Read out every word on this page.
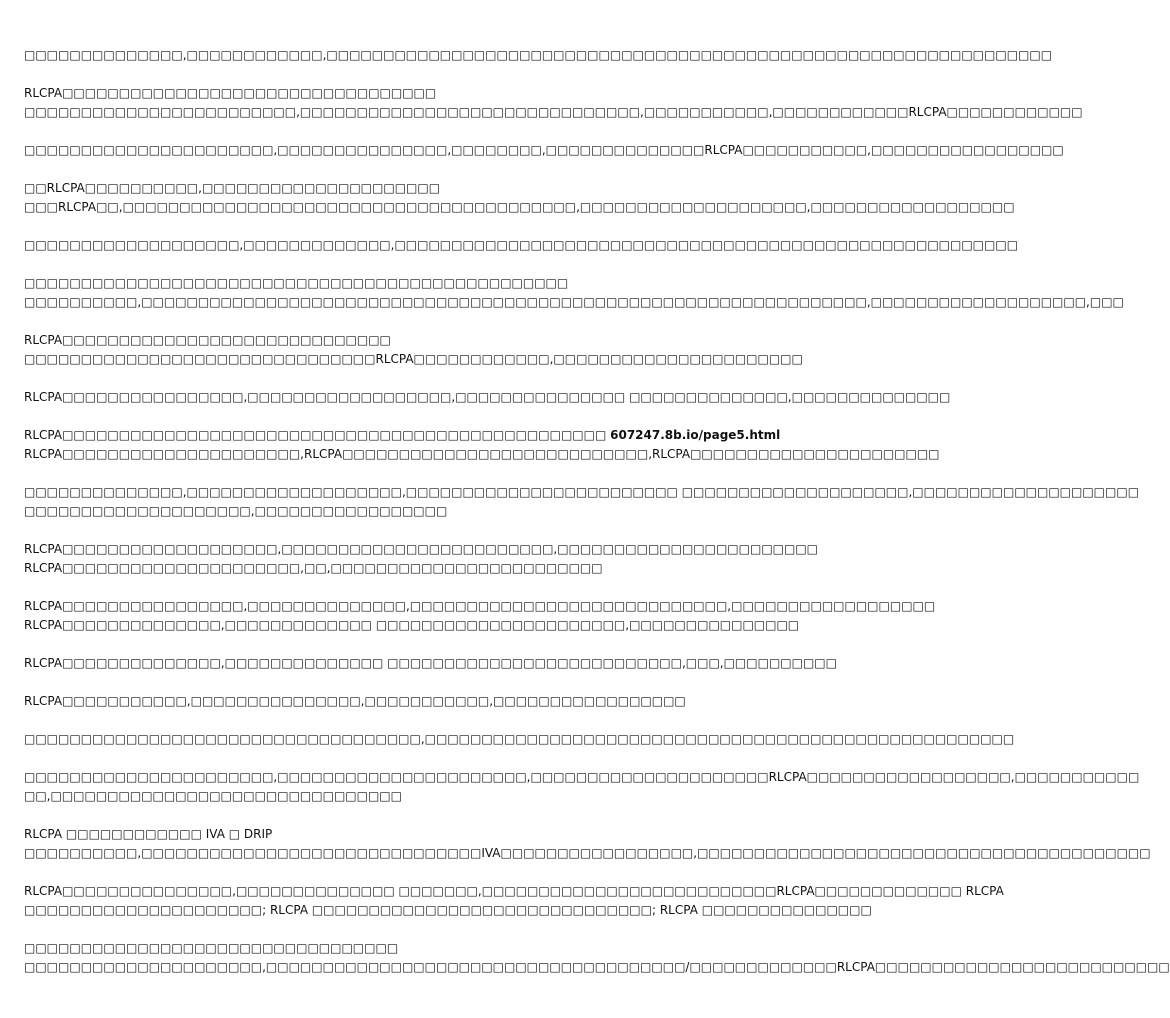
□□□□□□□□□□□□□□,□□□□□□□□□□□□,□□□□□□□□□□□□□□□□□□□□□□□□□□□□□□□□□□□□□□□□□□□□□□□□□□□□□□□□□□□□□□□□
RLCPA□□□□□□□□□□□□□□□□□□□□□□□□□□□□□□□□□
□□□□□□□□□□□□□□□□□□□□□□□□,□□□□□□□□□□□□□□□□□□□□□□□□□□□□□□,□□□□□□□□□□□,□□□□□□□□□□□□RLCPA□□□□□□□□□□□□
□□□□□□□□□□□□□□□□□□□□□□,□□□□□□□□□□□□□□□,□□□□□□□□,□□□□□□□□□□□□□□RLCPA□□□□□□□□□□□,□□□□□□□□□□□□□□□□□
□□RLCPA□□□□□□□□□□,□□□□□□□□□□□□□□□□□□□□□
□□□RLCPA□□,□□□□□□□□□□□□□□□□□□□□□□□□□□□□□□□□□□□□□□□□,□□□□□□□□□□□□□□□□□□□□,□□□□□□□□□□□□□□□□□□
□□□□□□□□□□□□□□□□□□□,□□□□□□□□□□□□□,□□□□□□□□□□□□□□□□□□□□□□□□□□□□□□□□□□□□□□□□□□□□□□□□□□□□□□□
□□□□□□□□□□□□□□□□□□□□□□□□□□□□□□□□□□□□□□□□□□□□□□□□
□□□□□□□□□□,□□□□□□□□□□□□□□□□□□□□□□□□□□□□□□□□□□□□□□□□□□□□□□□□□□□□□□□□□□□□□□□□,□□□□□□□□□□□□□□□□□□□,□□□
RLCPA□□□□□□□□□□□□□□□□□□□□□□□□□□□□□
□□□□□□□□□□□□□□□□□□□□□□□□□□□□□□□RLCPA□□□□□□□□□□□□,□□□□□□□□□□□□□□□□□□□□□□
RLCPA□□□□□□□□□□□□□□□□,□□□□□□□□□□□□□□□□□□,□□□□□□□□□□□□□□□ □□□□□□□□□□□□□□,□□□□□□□□□□□□□□
RLCPA□□□□□□□□□□□□□□□□□□□□□□□□□□□□□□□□□□□□□□□□□□□□□□□□ 607247.8b.io/page5.html
RLCPA□□□□□□□□□□□□□□□□□□□□□,RLCPA□□□□□□□□□□□□□□□□□□□□□□□□□□□,RLCPA□□□□□□□□□□□□□□□□□□□□□□
□□□□□□□□□□□□□□,□□□□□□□□□□□□□□□□□□□,□□□□□□□□□□□□□□□□□□□□□□□□ □□□□□□□□□□□□□□□□□□□□,□□□□□□□□□□□□□□□□□□□□
□□□□□□□□□□□□□□□□□□□□,□□□□□□□□□□□□□□□□□
RLCPA□□□□□□□□□□□□□□□□□□□,□□□□□□□□□□□□□□□□□□□□□□□□,□□□□□□□□□□□□□□□□□□□□□□□
RLCPA□□□□□□□□□□□□□□□□□□□□□,□□,□□□□□□□□□□□□□□□□□□□□□□□□
RLCPA□□□□□□□□□□□□□□□□,□□□□□□□□□□□□□□,□□□□□□□□□□□□□□□□□□□□□□□□□□□□,□□□□□□□□□□□□□□□□□□
RLCPA□□□□□□□□□□□□□□,□□□□□□□□□□□□□ □□□□□□□□□□□□□□□□□□□□□□,□□□□□□□□□□□□□□□
RLCPA□□□□□□□□□□□□□□,□□□□□□□□□□□□□□ □□□□□□□□□□□□□□□□□□□□□□□□□□,□□□,□□□□□□□□□□
RLCPA□□□□□□□□□□□,□□□□□□□□□□□□□□□,□□□□□□□□□□□,□□□□□□□□□□□□□□□□□
□□□□□□□□□□□□□□□□□□□□□□□□□□□□□□□□□□□,□□□□□□□□□□□□□□□□□□□□□□□□□□□□□□□□□□□□□□□□□□□□□□□□□□□□
□□□□□□□□□□□□□□□□□□□□□□,□□□□□□□□□□□□□□□□□□□□□□,□□□□□□□□□□□□□□□□□□□□□RLCPA□□□□□□□□□□□□□□□□□□,□□□□□□□□□□□
□□,□□□□□□□□□□□□□□□□□□□□□□□□□□□□□□□
RLCPA □□□□□□□□□□□□ IVA □ DRIP
□□□□□□□□□□,□□□□□□□□□□□□□□□□□□□□□□□□□□□□□□IVA□□□□□□□□□□□□□□□□□,□□□□□□□□□□□□□□□□□□□□□□□□□□□□□□□□□□□□□□□□
RLCPA□□□□□□□□□□□□□□□,□□□□□□□□□□□□□□ □□□□□□□,□□□□□□□□□□□□□□□□□□□□□□□□□□RLCPA□□□□□□□□□□□□□ RLCPA
□□□□□□□□□□□□□□□□□□□□□; RLCPA □□□□□□□□□□□□□□□□□□□□□□□□□□□□□□; RLCPA □□□□□□□□□□□□□□□
□□□□□□□□□□□□□□□□□□□□□□□□□□□□□□□□□
□□□□□□□□□□□□□□□□□□□□□,□□□□□□□□□□□□□□□□□□□□□□□□□□□□□□□□□□□□□/□□□□□□□□□□□□□RLCPA□□□□□□□□□□□□□□□□□□□□□□□□□□
